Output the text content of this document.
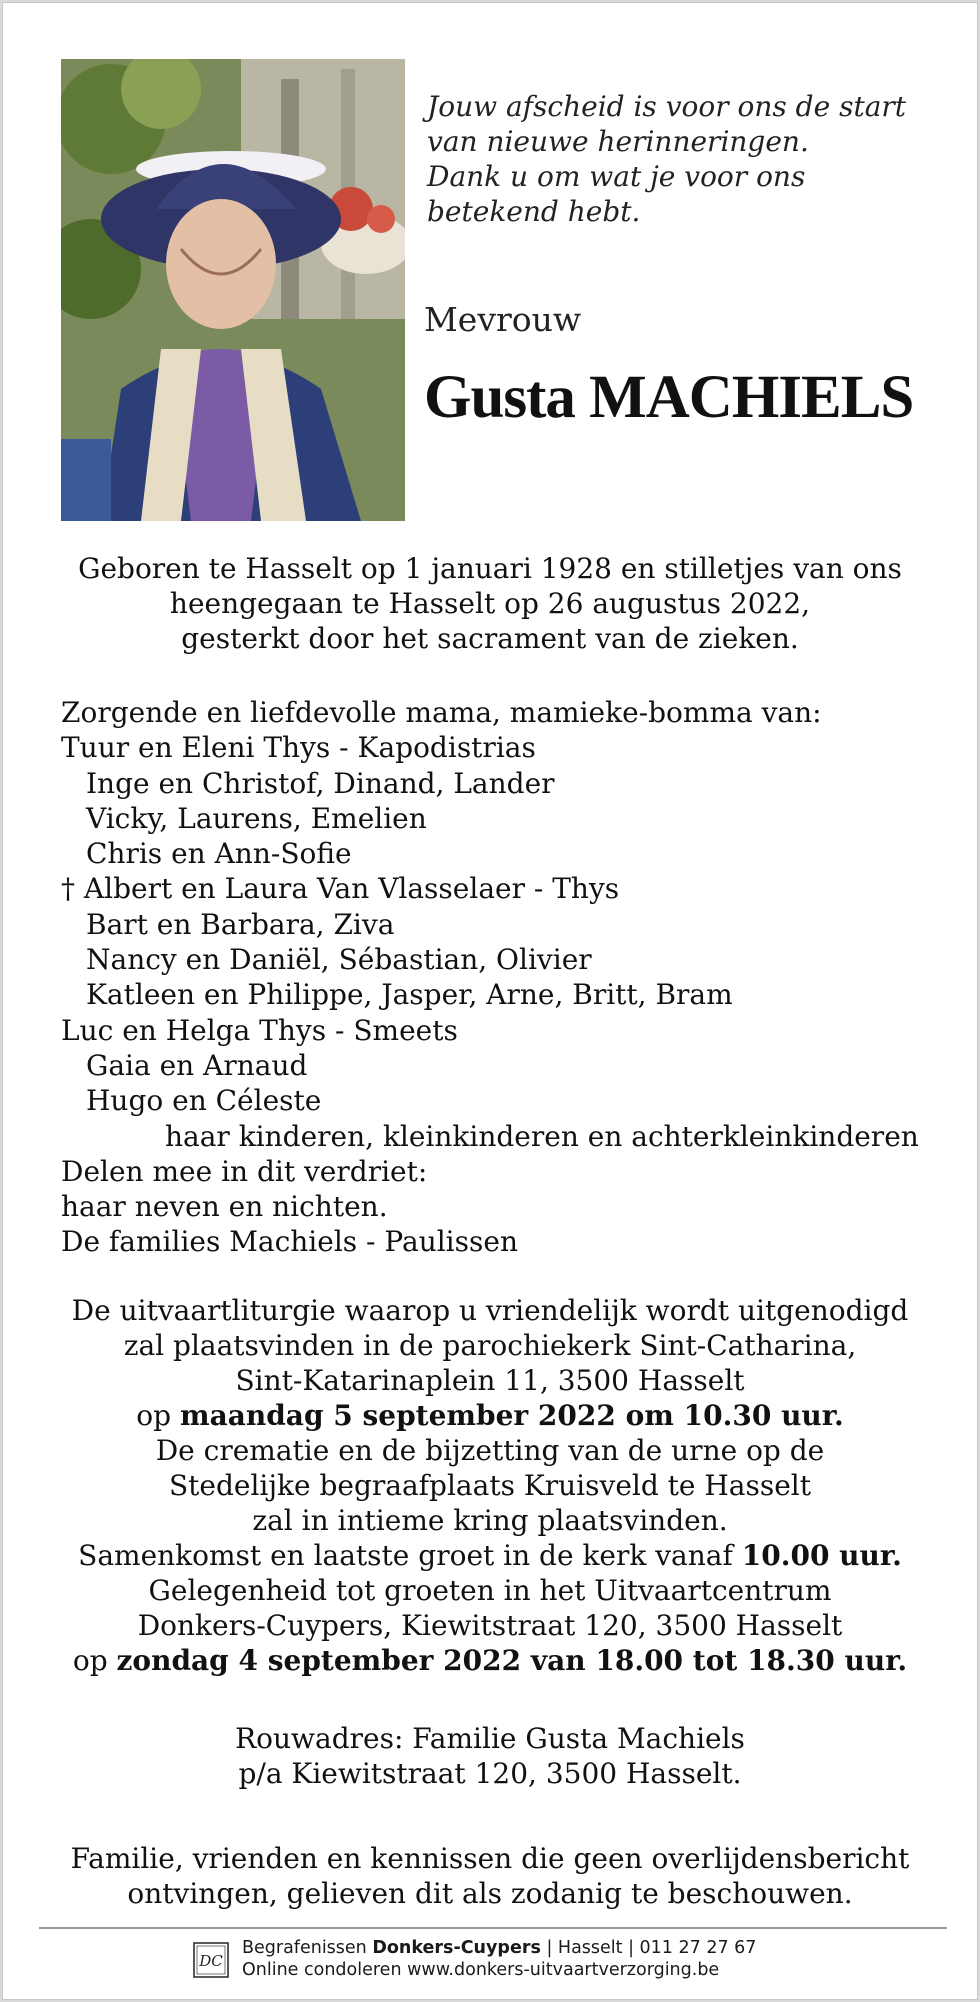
Jouw afscheid is voor ons de start
van nieuwe herinneringen.
Dank u om wat je voor ons
betekend hebt.
Mevrouw
Gusta MACHIELS
Geboren te Hasselt op 1 januari 1928 en stilletjes van ons
heengegaan te Hasselt op 26 augustus 2022,
gesterkt door het sacrament van de zieken.
Zorgende en liefdevolle mama, mamieke-bomma van:
Tuur en Eleni Thys - Kapodistrias
Inge en Christof, Dinand, Lander
Vicky, Laurens, Emelien
Chris en Ann-Sofie
† Albert en Laura Van Vlasselaer - Thys
Bart en Barbara, Ziva
Nancy en Daniël, Sébastian, Olivier
Katleen en Philippe, Jasper, Arne, Britt, Bram
Luc en Helga Thys - Smeets
Gaia en Arnaud
Hugo en Céleste
haar kinderen, kleinkinderen en achterkleinkinderen
Delen mee in dit verdriet:
haar neven en nichten.
De families Machiels - Paulissen
De uitvaartliturgie waarop u vriendelijk wordt uitgenodigd
zal plaatsvinden in de parochiekerk Sint-Catharina,
Sint-Katarinaplein 11, 3500 Hasselt
op maandag 5 september 2022 om 10.30 uur.
De crematie en de bijzetting van de urne op de
Stedelijke begraafplaats Kruisveld te Hasselt
zal in intieme kring plaatsvinden.
Samenkomst en laatste groet in de kerk vanaf 10.00 uur.
Gelegenheid tot groeten in het Uitvaartcentrum
Donkers-Cuypers, Kiewitstraat 120, 3500 Hasselt
op zondag 4 september 2022 van 18.00 tot 18.30 uur.
Rouwadres: Familie Gusta Machiels
p/a Kiewitstraat 120, 3500 Hasselt.
Familie, vrienden en kennissen die geen overlijdensbericht
ontvingen, gelieven dit als zodanig te beschouwen.
DC
Begrafenissen Donkers-Cuypers | Hasselt | 011 27 27 67
Online condoleren www.donkers-uitvaartverzorging.be
